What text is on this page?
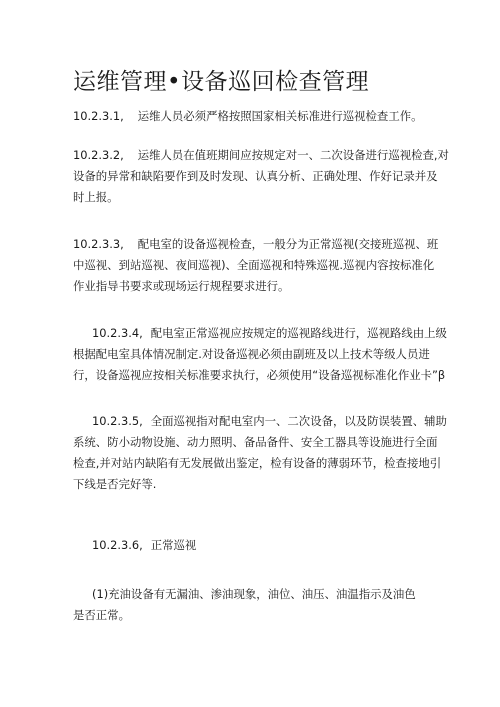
运维管理•设备巡回检查管理

10.2.3.1, 运维人员必须严格按照国家相关标准进行巡视检查工作。

10.2.3.2, 运维人员在值班期间应按规定对一、二次设备进行巡视检查,对
设备的异常和缺陷要作到及时发现、认真分析、正确处理、作好记录并及
时上报。

10.2.3.3, 配电室的设备巡视检查，一般分为正常巡视(交接班巡视、班
中巡视、到站巡视、夜间巡视)、全面巡视和特殊巡视.巡视内容按标准化
作业指导书要求或现场运行规程要求进行。

10.2.3.4, 配电室正常巡视应按规定的巡视路线进行，巡视路线由上级
根据配电室具体情况制定.对设备巡视必须由副班及以上技术等级人员进
行，设备巡视应按相关标准要求执行，必须使用“设备巡视标准化作业卡”β

10.2.3.5, 全面巡视指对配电室内一、二次设备，以及防误装置、辅助
系统、防小动物设施、动力照明、备品备件、安全工器具等设施进行全面
检查,并对站内缺陷有无发展做出鉴定，检有设备的薄弱环节，检查接地引
下线是否完好等.

10.2.3.6, 正常巡视

(1)充油设备有无漏油、渗油现象，油位、油压、油温指示及油色
是否正常。
